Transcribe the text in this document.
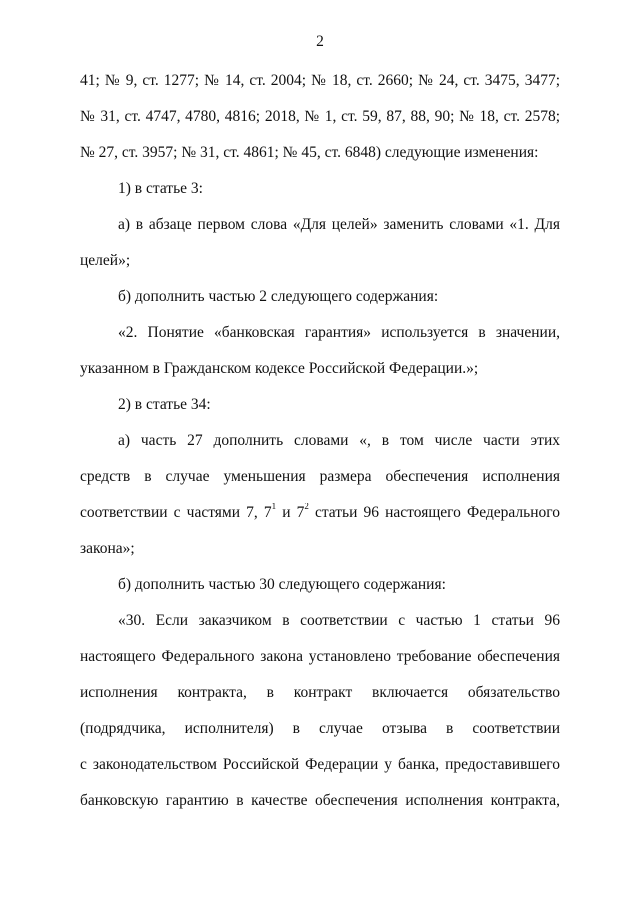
2
41; № 9, ст. 1277; № 14, ст. 2004; № 18, ст. 2660; № 24, ст. 3475, 3477;
№ 31, ст. 4747, 4780, 4816; 2018, № 1, ст. 59, 87, 88, 90; № 18, ст. 2578;
№ 27, ст. 3957; № 31, ст. 4861; № 45, ст. 6848) следующие изменения:
1) в статье 3:
а) в абзаце первом слова «Для целей» заменить словами «1. Для
целей»;
б) дополнить частью 2 следующего содержания:
«2. Понятие «банковская гарантия» используется в значении,
указанном в Гражданском кодексе Российской Федерации.»;
2) в статье 34:
а) часть 27 дополнить словами «, в том числе части этих
средств в случае уменьшения размера обеспечения исполнения
соответствии с частями 7, $7^1$ и $7^2$ статьи 96 настоящего Федерального
закона»;
б) дополнить частью 30 следующего содержания:
«30. Если заказчиком в соответствии с частью 1 статьи 96
настоящего Федерального закона установлено требование обеспечения
исполнения контракта, в контракт включается обязательство
(подрядчика, исполнителя) в случае отзыва в соответствии
с законодательством Российской Федерации у банка, предоставившего
банковскую гарантию в качестве обеспечения исполнения контракта,
